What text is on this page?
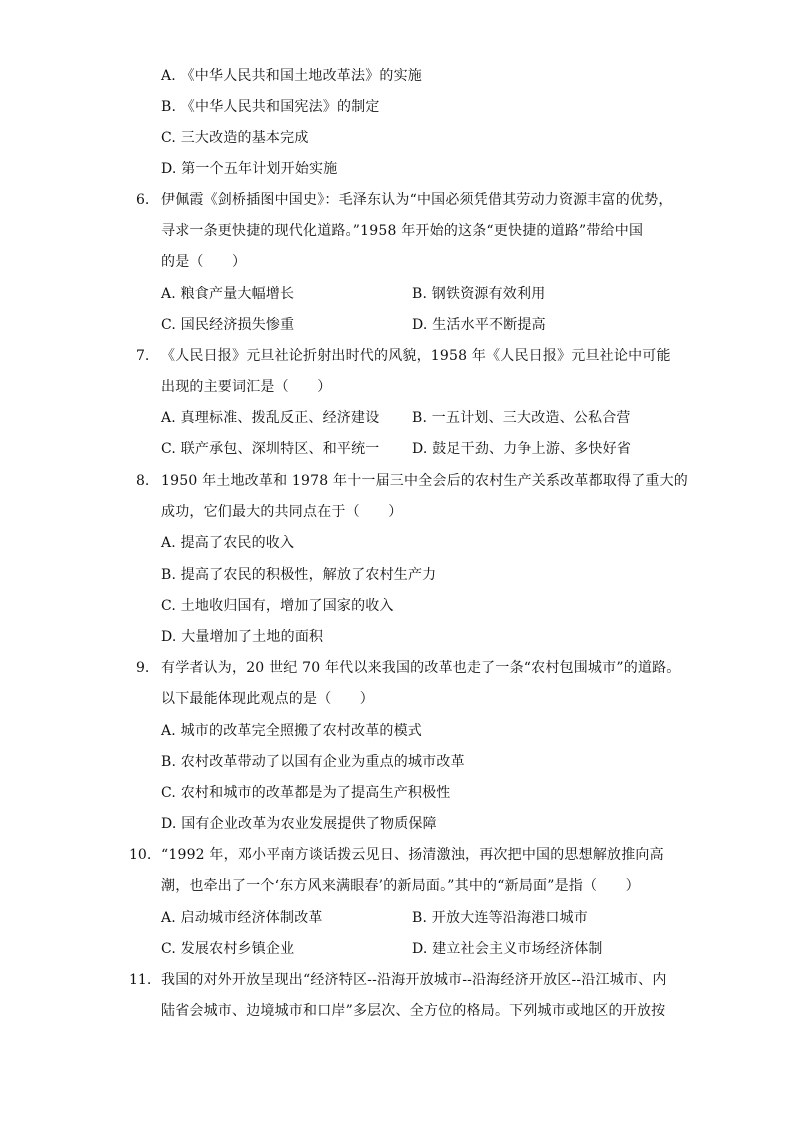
A. 《中华人民共和国土地改革法》的实施
B. 《中华人民共和国宪法》的制定
C. 三大改造的基本完成
D. 第一个五年计划开始实施
6. 伊佩霞《剑桥插图中国史》：毛泽东认为“中国必须凭借其劳动力资源丰富的优势，
寻求一条更快捷的现代化道路。”1958 年开始的这条“更快捷的道路”带给中国
的是（　　）
A. 粮食产量大幅增长	B. 钢铁资源有效利用
C. 国民经济损失惨重	D. 生活水平不断提高
7. 《人民日报》元旦社论折射出时代的风貌，1958 年《人民日报》元旦社论中可能
出现的主要词汇是（　　）
A. 真理标准、拨乱反正、经济建设 B. 一五计划、三大改造、公私合营
C. 联产承包、深圳特区、和平统一 D. 鼓足干劲、力争上游、多快好省
8. 1950 年土地改革和 1978 年十一届三中全会后的农村生产关系改革都取得了重大的
成功，它们最大的共同点在于（　　）
A. 提高了农民的收入
B. 提高了农民的积极性，解放了农村生产力
C. 土地收归国有，增加了国家的收入
D. 大量增加了土地的面积
9. 有学者认为，20 世纪 70 年代以来我国的改革也走了一条“农村包围城市”的道路。
以下最能体现此观点的是（　　）
A. 城市的改革完全照搬了农村改革的模式
B. 农村改革带动了以国有企业为重点的城市改革
C. 农村和城市的改革都是为了提高生产积极性
D. 国有企业改革为农业发展提供了物质保障
10. “1992 年，邓小平南方谈话拨云见日、扬清激浊，再次把中国的思想解放推向高
潮，也牵出了一个‘东方风来满眼春’的新局面。”其中的“新局面”是指（　　）
A. 启动城市经济体制改革	B. 开放大连等沿海港口城市
C. 发展农村乡镇企业	D. 建立社会主义市场经济体制
11. 我国的对外开放呈现出“经济特区--沿海开放城市--沿海经济开放区--沿江城市、内
陆省会城市、边境城市和口岸”多层次、全方位的格局。下列城市或地区的开放按
